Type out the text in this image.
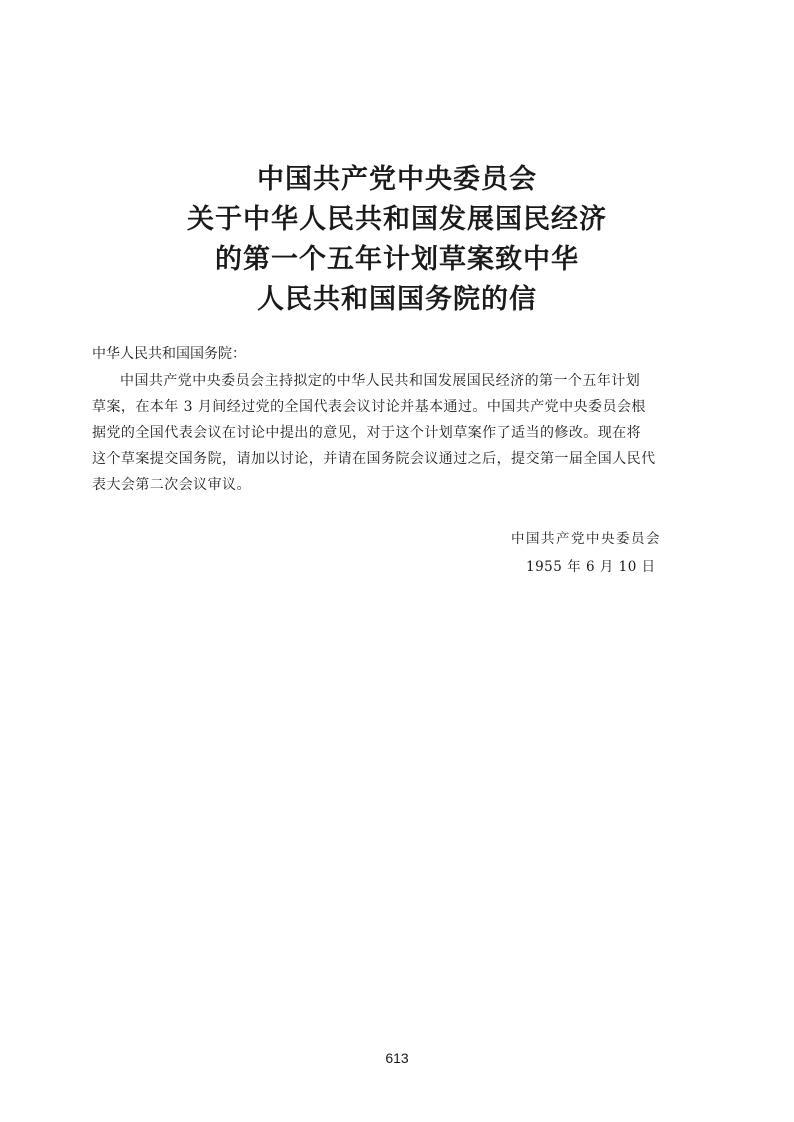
中国共产党中央委员会
关于中华人民共和国发展国民经济
的第一个五年计划草案致中华
人民共和国国务院的信
中华人民共和国国务院：

中国共产党中央委员会主持拟定的中华人民共和国发展国民经济的第一个五年计划
草案，在本年 3 月间经过党的全国代表会议讨论并基本通过。中国共产党中央委员会根
据党的全国代表会议在讨论中提出的意见，对于这个计划草案作了适当的修改。现在将
这个草案提交国务院，请加以讨论，并请在国务院会议通过之后，提交第一届全国人民代
表大会第二次会议审议。

中国共产党中央委员会
1955 年 6 月 10 日
613
